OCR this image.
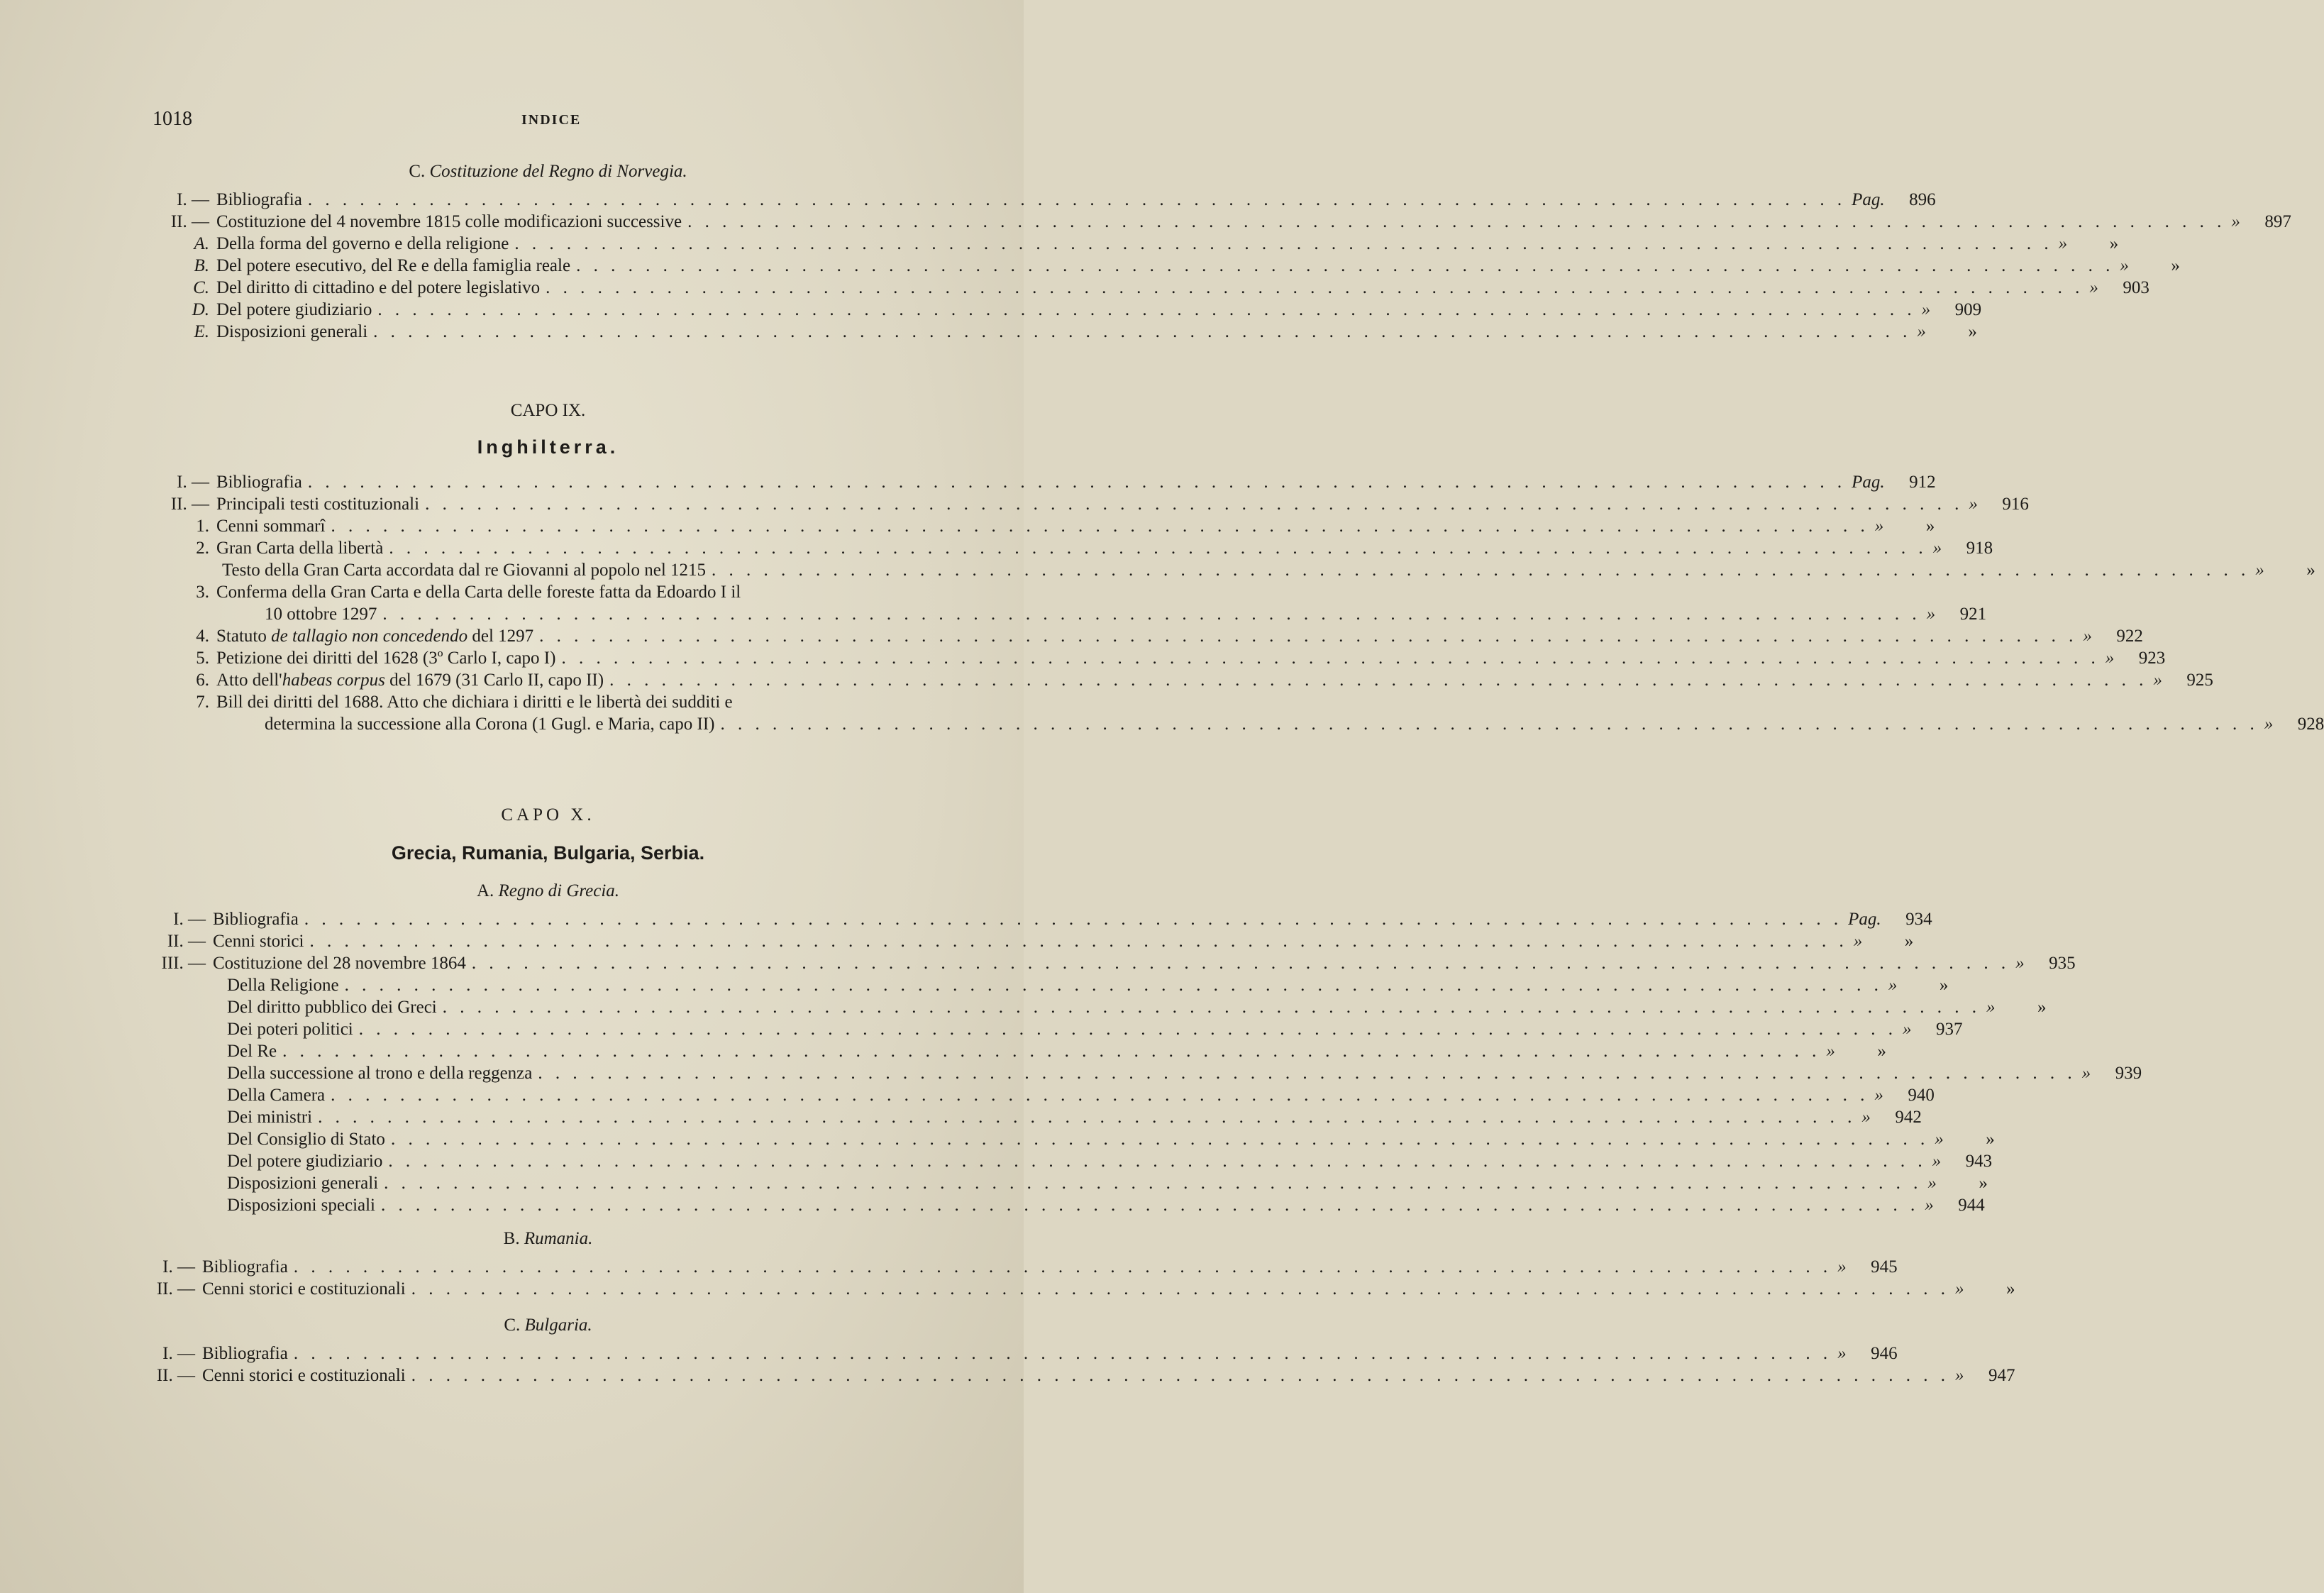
1018	INDICE
C. Costituzione del Regno di Norvegia.
I. — Bibliografia . . .	Pag.	896
II. — Costituzione del 4 novembre 1815 colle modificazioni successive . . .	»	897
A. Della forma del governo e della religione . . .	»	»
B. Del potere esecutivo, del Re e della famiglia reale . . .	»	»
C. Del diritto di cittadino e del potere legislativo . . .	»	903
D. Del potere giudiziario . . .	»	909
E. Disposizioni generali . . .	»	»
CAPO IX.
Inghilterra.
I. — Bibliografia . . .	Pag.	912
II. — Principali testi costituzionali . . .	»	916
1. Cenni sommarî . . .	»	»
2. Gran Carta della libertà . . .	»	918
Testo della Gran Carta accordata dal re Giovanni al popolo nel 1215 . . .	»	»
3. Conferma della Gran Carta e della Carta delle foreste fatta da Edoardo I il
10 ottobre 1297 . . .	»	921
4. Statuto de tallagio non concedendo del 1297 . . .	»	922
5. Petizione dei diritti del 1628 (3º Carlo I, capo I) . . .	»	923
6. Atto dell'habeas corpus del 1679 (31 Carlo II, capo II) . . .	»	925
7. Bill dei diritti del 1688. Atto che dichiara i diritti e le libertà dei sudditi e
determina la successione alla Corona (1 Gugl. e Maria, capo II) . . .	»	928
CAPO X.
Grecia, Rumania, Bulgaria, Serbia.
A. Regno di Grecia.
I. — Bibliografia . . .	Pag.	934
II. — Cenni storici . . .	»	»
III. — Costituzione del 28 novembre 1864 . . .	»	935
Della Religione . . .	»	»
Del diritto pubblico dei Greci . . .	»	»
Dei poteri politici . . .	»	937
Del Re . . .	»	»
Della successione al trono e della reggenza . . .	»	939
Della Camera . . .	»	940
Dei ministri . . .	»	942
Del Consiglio di Stato . . .	»	»
Del potere giudiziario . . .	»	943
Disposizioni generali . . .	»	»
Disposizioni speciali . . .	»	944
B. Rumania.
I. — Bibliografia . . .	»	945
II. — Cenni storici e costituzionali . . .	»	»
C. Bulgaria.
I. — Bibliografia . . .	»	946
II. — Cenni storici e costituzionali . . .	»	947
